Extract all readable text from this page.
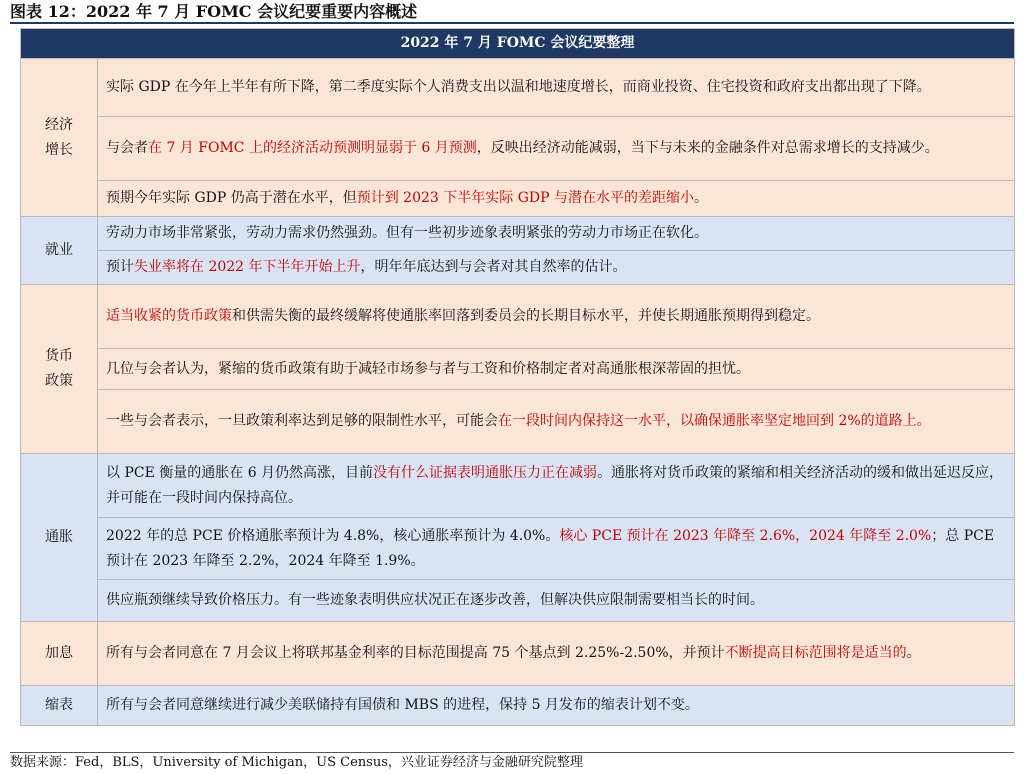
图表 12：2022 年 7 月 FOMC 会议纪要重要内容概述
2022 年 7 月 FOMC 会议纪要整理	
经济
增长	实际 GDP 在今年上半年有所下降，第二季度实际个人消费支出以温和地速度增长，而商业投资、住宅投资和政府支出都出现了下降。
	与会者在 7 月 FOMC 上的经济活动预测明显弱于 6 月预测，反映出经济动能减弱，当下与未来的金融条件对总需求增长的支持减少。
	预期今年实际 GDP 仍高于潜在水平，但预计到 2023 下半年实际 GDP 与潜在水平的差距缩小。
就业	劳动力市场非常紧张，劳动力需求仍然强劲。但有一些初步迹象表明紧张的劳动力市场正在软化。
	预计失业率将在 2022 年下半年开始上升，明年年底达到与会者对其自然率的估计。
货币
政策	适当收紧的货币政策和供需失衡的最终缓解将使通胀率回落到委员会的长期目标水平，并使长期通胀预期得到稳定。
	几位与会者认为，紧缩的货币政策有助于减轻市场参与者与工资和价格制定者对高通胀根深蒂固的担忧。
	一些与会者表示，一旦政策利率达到足够的限制性水平，可能会在一段时间内保持这一水平，以确保通胀率坚定地回到 2%的道路上。
通胀	以 PCE 衡量的通胀在 6 月仍然高涨，目前没有什么证据表明通胀压力正在减弱。通胀将对货币政策的紧缩和相关经济活动的缓和做出延迟反应，并可能在一段时间内保持高位。
	2022 年的总 PCE 价格通胀率预计为 4.8%，核心通胀率预计为 4.0%。核心 PCE 预计在 2023 年降至 2.6%，2024 年降至 2.0%；总 PCE 预计在 2023 年降至 2.2%，2024 年降至 1.9%。
	供应瓶颈继续导致价格压力。有一些迹象表明供应状况正在逐步改善，但解决供应限制需要相当长的时间。
加息	所有与会者同意在 7 月会议上将联邦基金利率的目标范围提高 75 个基点到 2.25%-2.50%，并预计不断提高目标范围将是适当的。
缩表	所有与会者同意继续进行减少美联储持有国债和 MBS 的进程，保持 5 月发布的缩表计划不变。
数据来源：Fed，BLS，University of Michigan，US Census，兴业证券经济与金融研究院整理
